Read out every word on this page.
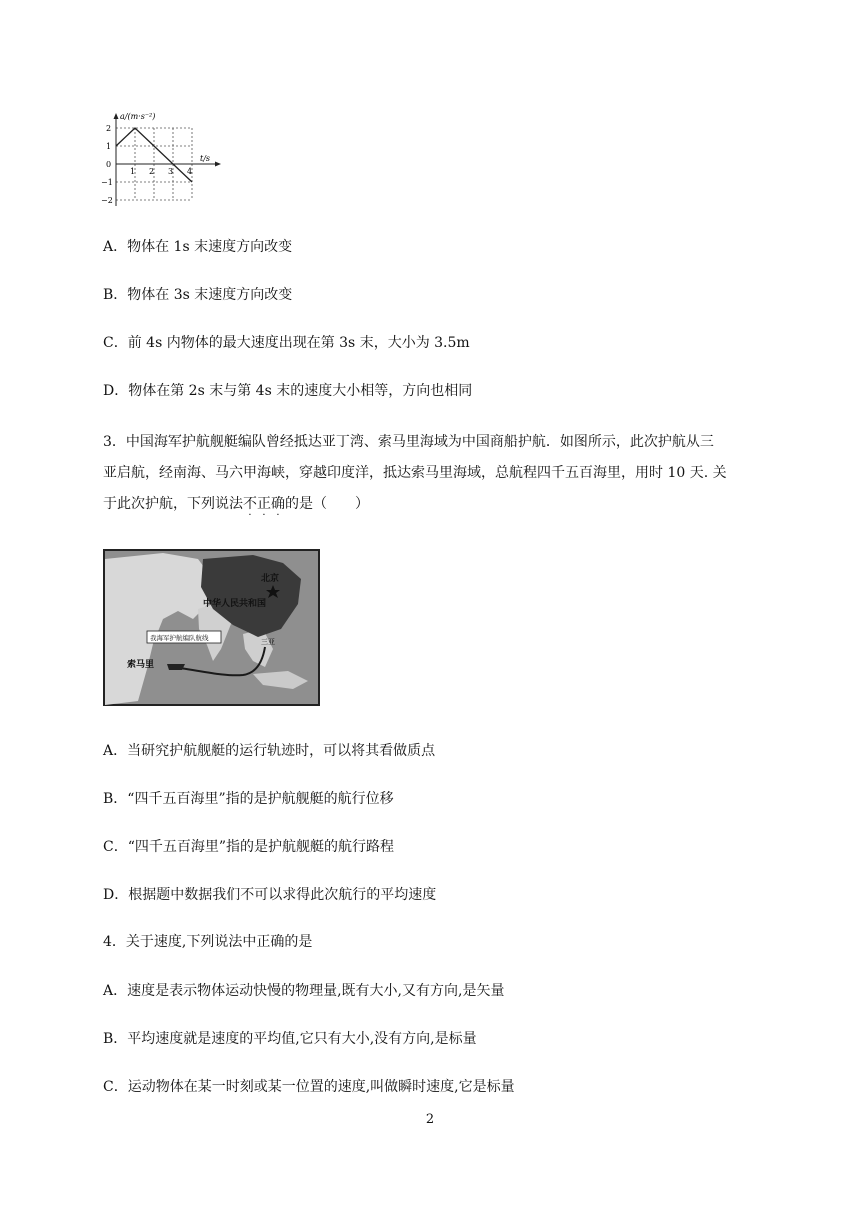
a/(m·s⁻²)
t/s
2
1
0
−1
−2
1 2 3 4
A．物体在 1s 末速度方向改变
B．物体在 3s 末速度方向改变
C．前 4s 内物体的最大速度出现在第 3s 末，大小为 3.5m
D．物体在第 2s 末与第 4s 末的速度大小相等，方向也相同
3．中国海军护航舰艇编队曾经抵达亚丁湾、索马里海域为中国商船护航．如图所示，此次护航从三
亚启航，经南海、马六甲海峡，穿越印度洋，抵达索马里海域，总航程四千五百海里，用时 10 天. 关
于此次护航，下列说法不
·
正
·
确
·
的是（　　）
北京
中华人民共和国
三亚
我海军护航编队航线
索马里
A．当研究护航舰艇的运行轨迹时，可以将其看做质点
B．“四千五百海里”指的是护航舰艇的航行位移
C．“四千五百海里”指的是护航舰艇的航行路程
D．根据题中数据我们不可以求得此次航行的平均速度
4．关于速度,下列说法中正确的是
A．速度是表示物体运动快慢的物理量,既有大小,又有方向,是矢量
B．平均速度就是速度的平均值,它只有大小,没有方向,是标量
C．运动物体在某一时刻或某一位置的速度,叫做瞬时速度,它是标量
2
